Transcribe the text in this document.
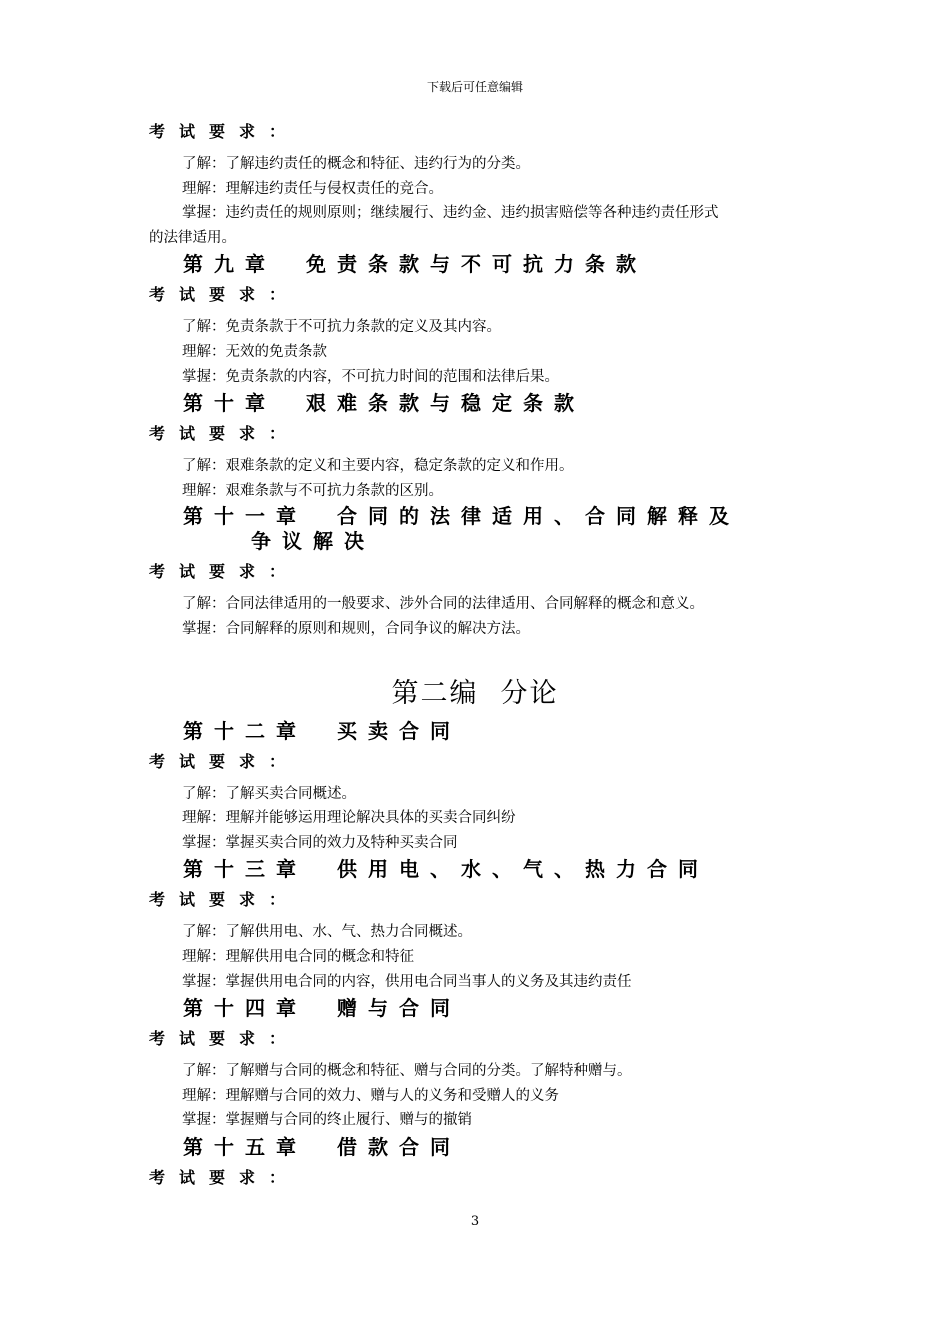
下载后可任意编辑
考试要求：
了解：了解违约责任的概念和特征、违约行为的分类。
理解：理解违约责任与侵权责任的竞合。
掌握：违约责任的规则原则；继续履行、违约金、违约损害赔偿等各种违约责任形式
的法律适用。
第九章 免责条款与不可抗力条款
考试要求：
了解：免责条款于不可抗力条款的定义及其内容。
理解：无效的免责条款
掌握：免责条款的内容，不可抗力时间的范围和法律后果。
第十章 艰难条款与稳定条款
考试要求：
了解：艰难条款的定义和主要内容，稳定条款的定义和作用。
理解：艰难条款与不可抗力条款的区别。
第十一章 合同的法律适用、合同解释及
争议解决
考试要求：
了解：合同法律适用的一般要求、涉外合同的法律适用、合同解释的概念和意义。
掌握：合同解释的原则和规则，合同争议的解决方法。
第二编 分论
第十二章 买卖合同
考试要求：
了解：了解买卖合同概述。
理解：理解并能够运用理论解决具体的买卖合同纠纷
掌握：掌握买卖合同的效力及特种买卖合同
第十三章 供用电、水、气、热力合同
考试要求：
了解：了解供用电、水、气、热力合同概述。
理解：理解供用电合同的概念和特征
掌握：掌握供用电合同的内容，供用电合同当事人的义务及其违约责任
第十四章 赠与合同
考试要求：
了解：了解赠与合同的概念和特征、赠与合同的分类。了解特种赠与。
理解：理解赠与合同的效力、赠与人的义务和受赠人的义务
掌握：掌握赠与合同的终止履行、赠与的撤销
第十五章 借款合同
考试要求：
3
